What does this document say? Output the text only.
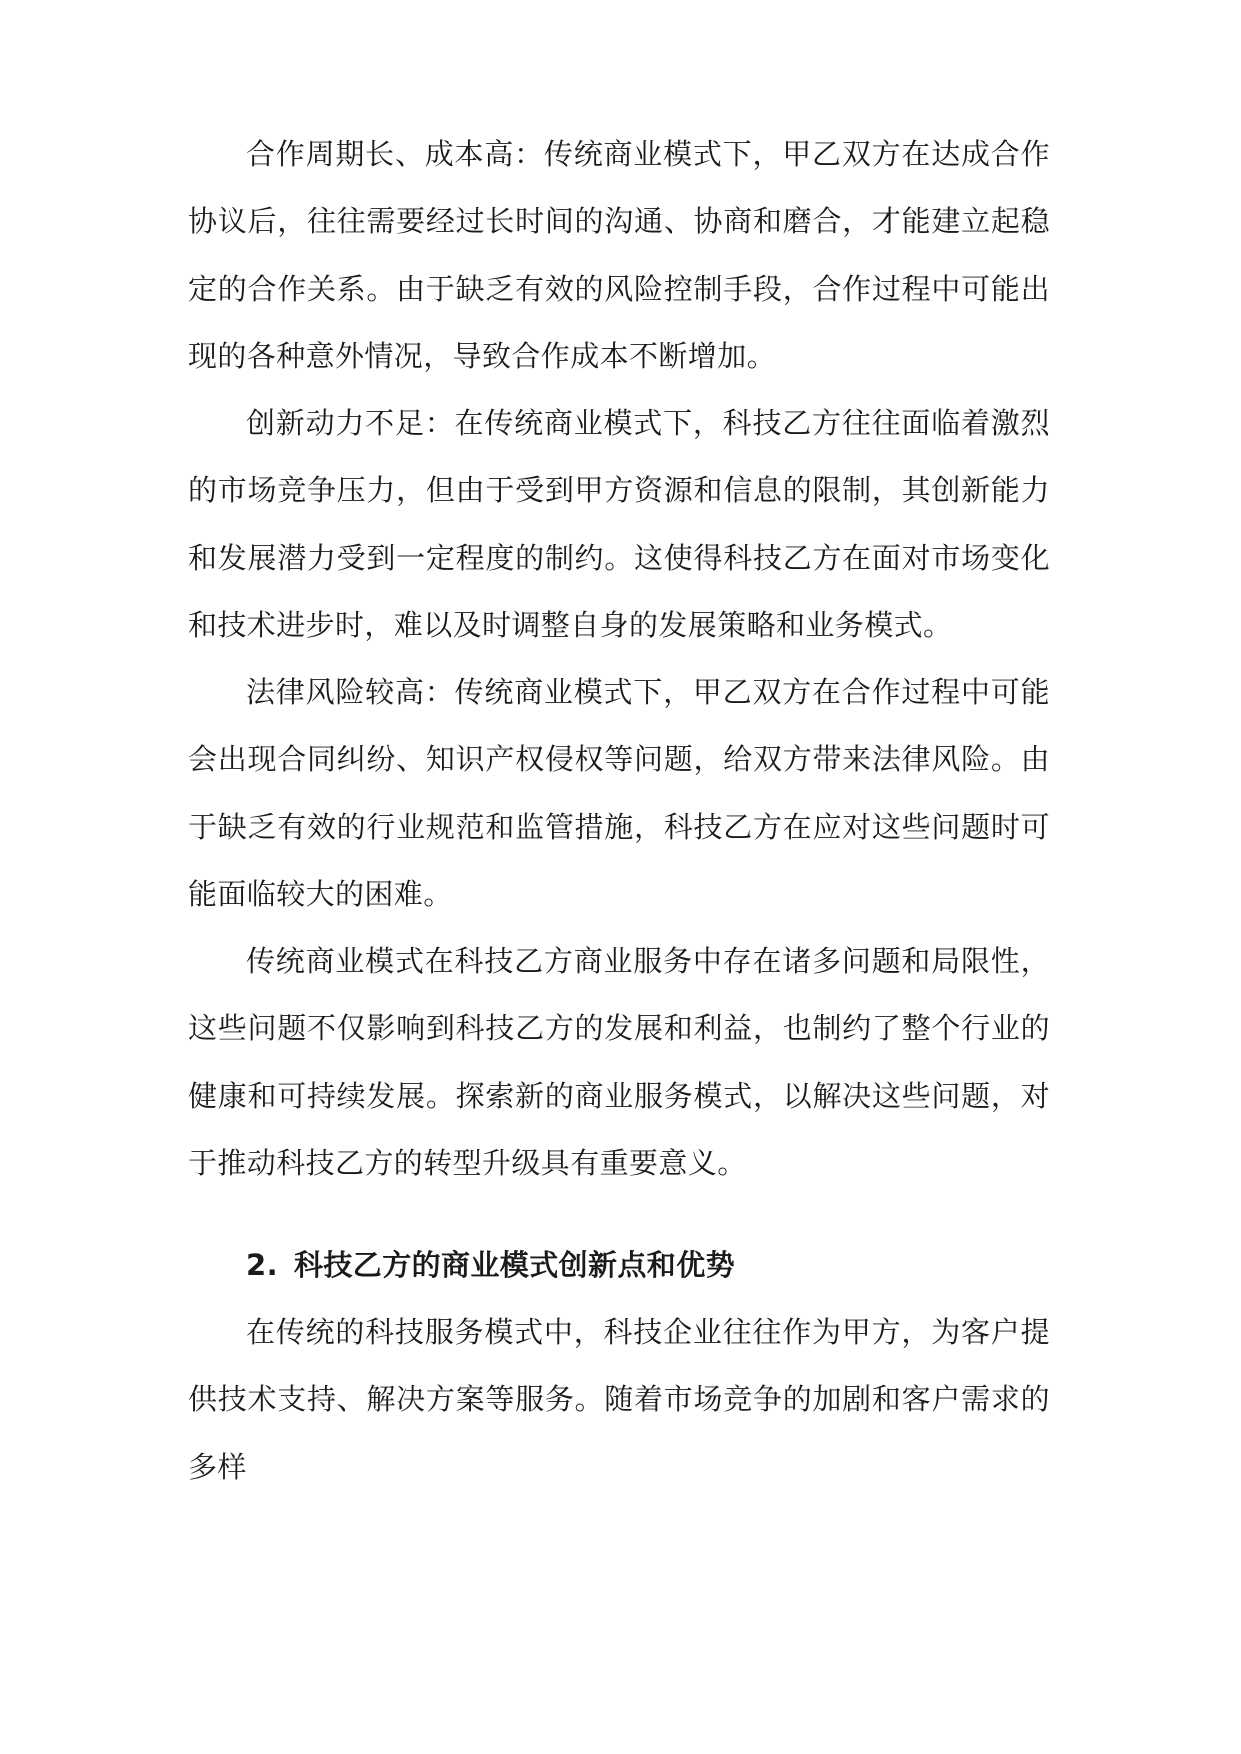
合作周期长、成本高：传统商业模式下，甲乙双方在达成合作协议后，往往需要经过长时间的沟通、协商和磨合，才能建立起稳定的合作关系。由于缺乏有效的风险控制手段，合作过程中可能出现的各种意外情况，导致合作成本不断增加。

创新动力不足：在传统商业模式下，科技乙方往往面临着激烈的市场竞争压力，但由于受到甲方资源和信息的限制，其创新能力和发展潜力受到一定程度的制约。这使得科技乙方在面对市场变化和技术进步时，难以及时调整自身的发展策略和业务模式。

法律风险较高：传统商业模式下，甲乙双方在合作过程中可能会出现合同纠纷、知识产权侵权等问题，给双方带来法律风险。由于缺乏有效的行业规范和监管措施，科技乙方在应对这些问题时可能面临较大的困难。

传统商业模式在科技乙方商业服务中存在诸多问题和局限性，这些问题不仅影响到科技乙方的发展和利益，也制约了整个行业的健康和可持续发展。探索新的商业服务模式，以解决这些问题，对于推动科技乙方的转型升级具有重要意义。

2. 科技乙方的商业模式创新点和优势

在传统的科技服务模式中，科技企业往往作为甲方，为客户提供技术支持、解决方案等服务。随着市场竞争的加剧和客户需求的多样
